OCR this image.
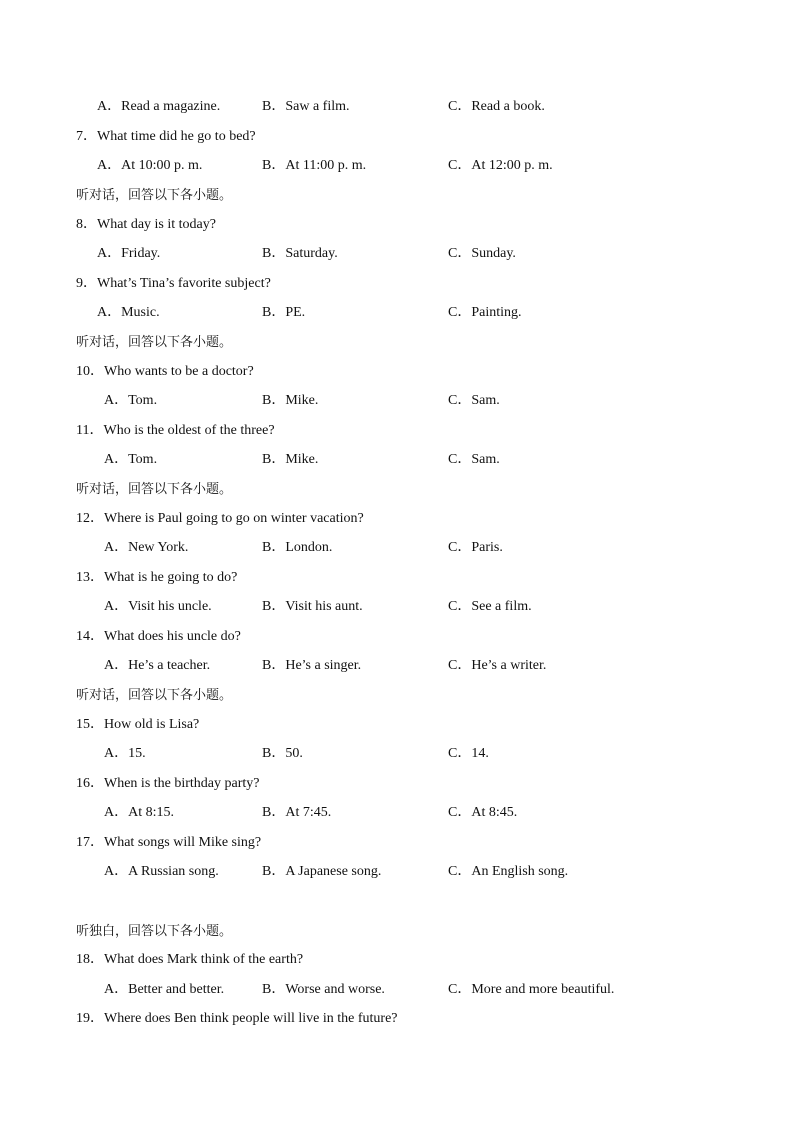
A．Read a magazine.	B．Saw a film.	C．Read a book.
7．What time did he go to bed?
A．At 10:00 p. m.	B．At 11:00 p. m.	C．At 12:00 p. m.
听对话，回答以下各小题。
8．What day is it today?
A．Friday.	B．Saturday.	C．Sunday.
9．What’s Tina’s favorite subject?
A．Music.	B．PE.	C．Painting.
听对话，回答以下各小题。
10．Who wants to be a doctor?
A．Tom.	B．Mike.	C．Sam.
11．Who is the oldest of the three?
A．Tom.	B．Mike.	C．Sam.
听对话，回答以下各小题。
12．Where is Paul going to go on winter vacation?
A．New York.	B．London.	C．Paris.
13．What is he going to do?
A．Visit his uncle.	B．Visit his aunt.	C．See a film.
14．What does his uncle do?
A．He’s a teacher.	B．He’s a singer.	C．He’s a writer.
听对话，回答以下各小题。
15．How old is Lisa?
A．15.	B．50.	C．14.
16．When is the birthday party?
A．At 8:15.	B．At 7:45.	C．At 8:45.
17．What songs will Mike sing?
A．A Russian song.	B．A Japanese song.	C．An English song.
听独白，回答以下各小题。
18．What does Mark think of the earth?
A．Better and better.	B．Worse and worse.	C．More and more beautiful.
19．Where does Ben think people will live in the future?
